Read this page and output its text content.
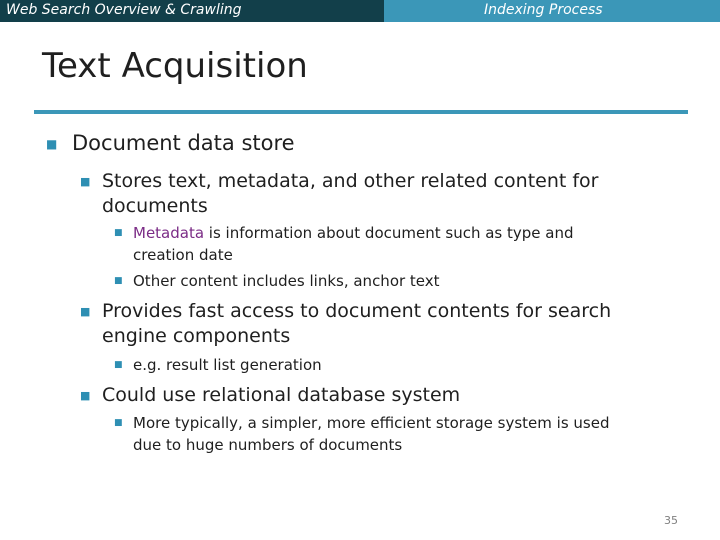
Web Search Overview & Crawling	Indexing Process
Text Acquisition
■ Document data store
■ Stores text, metadata, and other related content for
documents
■ Metadata is information about document such as type and
creation date
■ Other content includes links, anchor text
■ Provides fast access to document contents for search
engine components
■ e.g. result list generation
■ Could use relational database system
■ More typically, a simpler, more efficient storage system is used
due to huge numbers of documents
35
